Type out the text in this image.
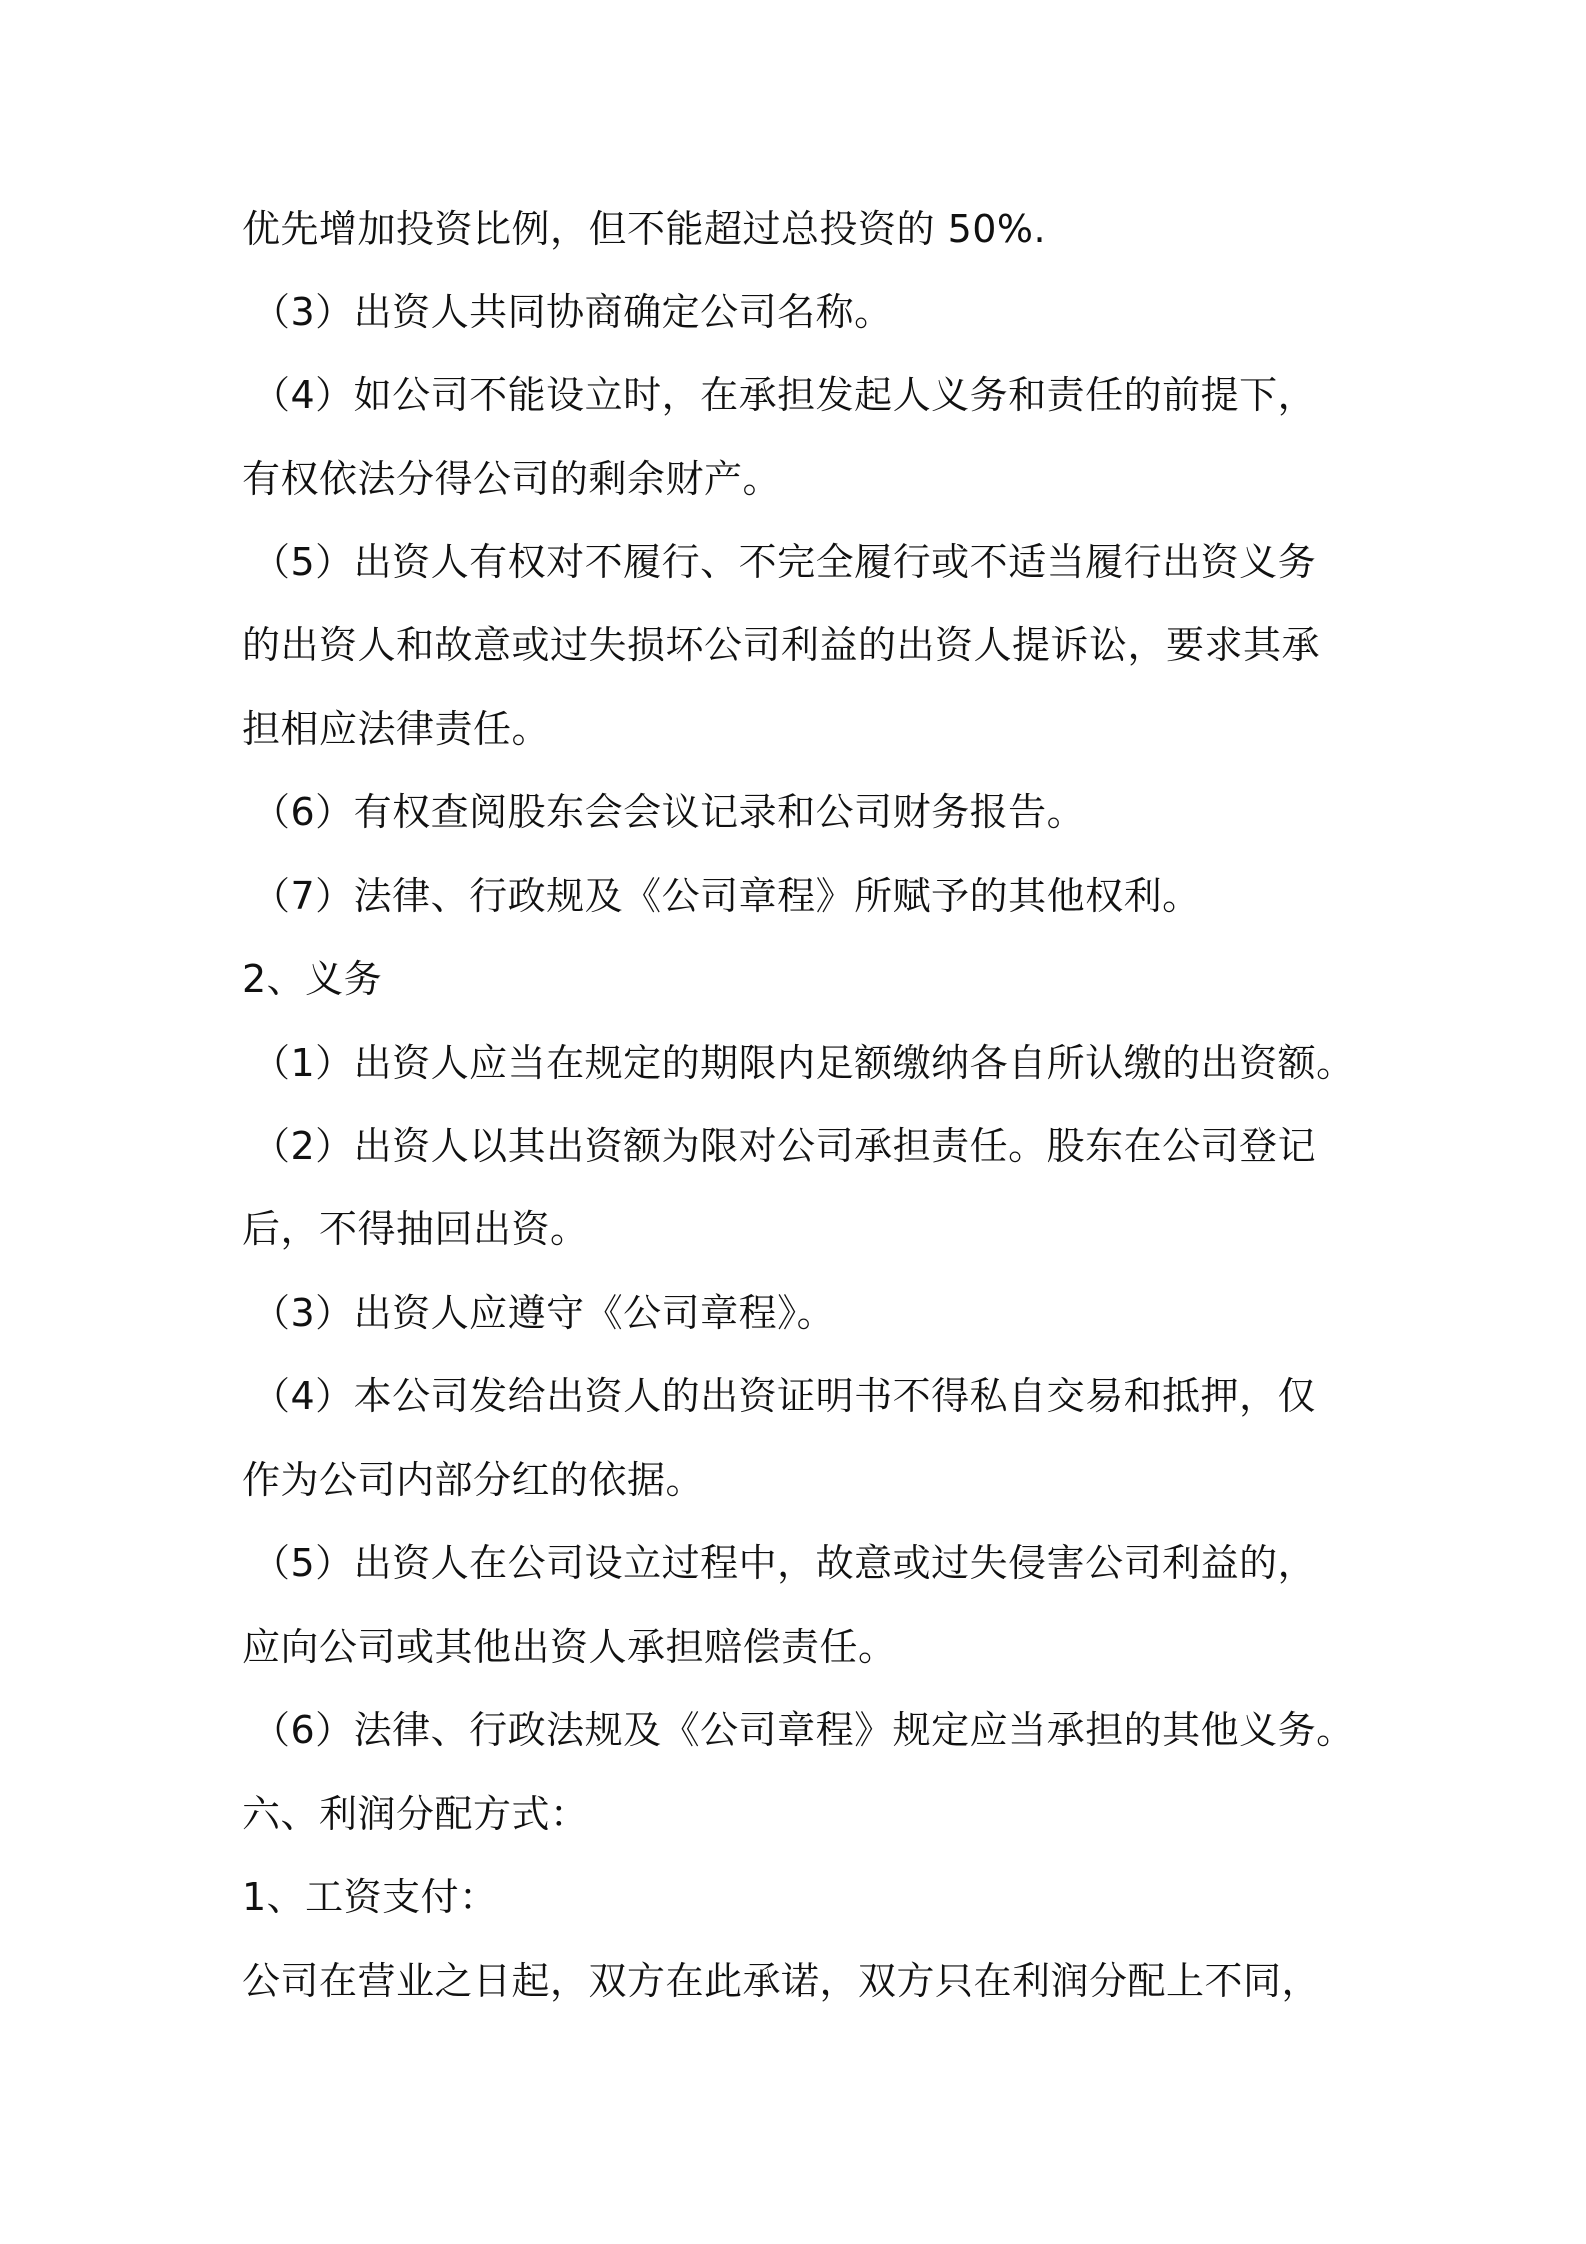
优先增加投资比例，但不能超过总投资的 50%.
（3）出资人共同协商确定公司名称。
（4）如公司不能设立时，在承担发起人义务和责任的前提下，
有权依法分得公司的剩余财产。
（5）出资人有权对不履行、不完全履行或不适当履行出资义务
的出资人和故意或过失损坏公司利益的出资人提诉讼，要求其承
担相应法律责任。
（6）有权查阅股东会会议记录和公司财务报告。
（7）法律、行政规及《公司章程》所赋予的其他权利。
2、义务
（1）出资人应当在规定的期限内足额缴纳各自所认缴的出资额。
（2）出资人以其出资额为限对公司承担责任。股东在公司登记
后，不得抽回出资。
（3）出资人应遵守《公司章程》。
（4）本公司发给出资人的出资证明书不得私自交易和抵押，仅
作为公司内部分红的依据。
（5）出资人在公司设立过程中，故意或过失侵害公司利益的，
应向公司或其他出资人承担赔偿责任。
（6）法律、行政法规及《公司章程》规定应当承担的其他义务。
六、利润分配方式：
1、工资支付：
公司在营业之日起，双方在此承诺，双方只在利润分配上不同，
